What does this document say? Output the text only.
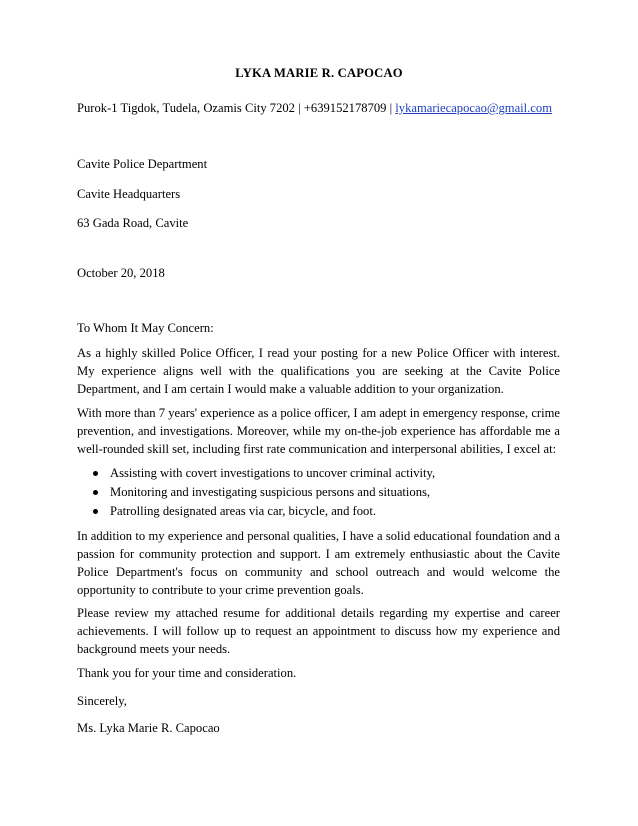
LYKA MARIE R. CAPOCAO
Purok-1 Tigdok, Tudela, Ozamis City 7202 | +639152178709 | lykamariecapocao@gmail.com
Cavite Police Department
Cavite Headquarters
63 Gada Road, Cavite
October 20, 2018
To Whom It May Concern:
As a highly skilled Police Officer, I read your posting for a new Police Officer with interest. My experience aligns well with the qualifications you are seeking at the Cavite Police Department, and I am certain I would make a valuable addition to your organization.
With more than 7 years' experience as a police officer, I am adept in emergency response, crime prevention, and investigations. Moreover, while my on-the-job experience has affordable me a well-rounded skill set, including first rate communication and interpersonal abilities, I excel at:
Assisting with covert investigations to uncover criminal activity,
Monitoring and investigating suspicious persons and situations,
Patrolling designated areas via car, bicycle, and foot.
In addition to my experience and personal qualities, I have a solid educational foundation and a passion for community protection and support. I am extremely enthusiastic about the Cavite Police Department's focus on community and school outreach and would welcome the opportunity to contribute to your crime prevention goals.
Please review my attached resume for additional details regarding my expertise and career achievements. I will follow up to request an appointment to discuss how my experience and background meets your needs.
Thank you for your time and consideration.
Sincerely,
Ms. Lyka Marie R. Capocao
